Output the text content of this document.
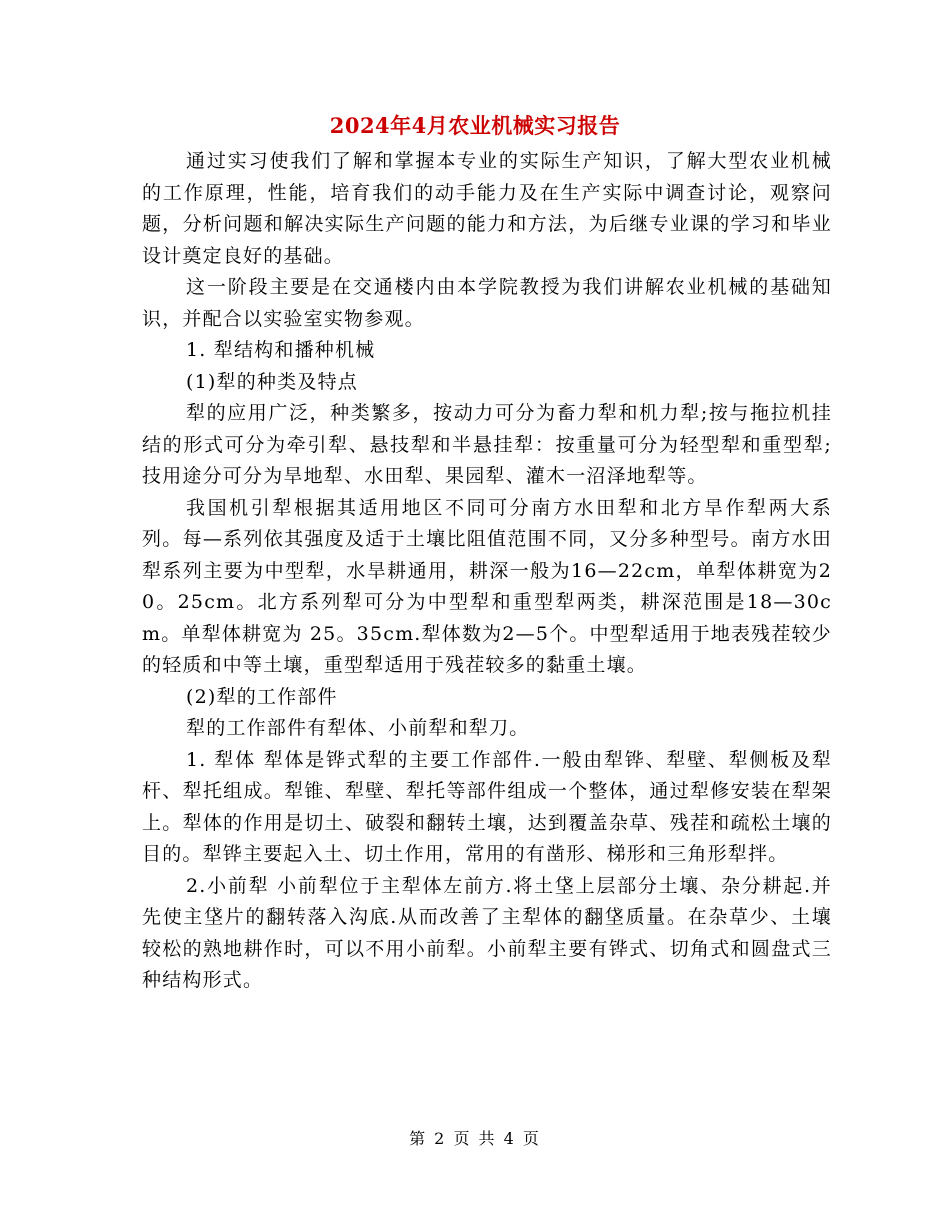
2024年4月农业机械实习报告

通过实习使我们了解和掌握本专业的实际生产知识，了解大型农业机械的工作原理，性能，培育我们的动手能力及在生产实际中调查讨论，观察问题，分析问题和解决实际生产问题的能力和方法，为后继专业课的学习和毕业设计奠定良好的基础。

这一阶段主要是在交通楼内由本学院教授为我们讲解农业机械的基础知识，并配合以实验室实物参观。

1. 犁结构和播种机械

(1)犁的种类及特点

犁的应用广泛，种类繁多，按动力可分为畜力犁和机力犁;按与拖拉机挂结的形式可分为牵引犁、悬技犁和半悬挂犁：按重量可分为轻型犁和重型犁;技用途分可分为旱地犁、水田犁、果园犁、灌木一沼泽地犁等。

我国机引犁根据其适用地区不同可分南方水田犁和北方旱作犁两大系列。每—系列依其强度及适于土壤比阻值范围不同，又分多种型号。南方水田犁系列主要为中型犁，水旱耕通用，耕深一般为16—22cm，单犁体耕宽为20。25cm。北方系列犁可分为中型犁和重型犁两类，耕深范围是18—30cm。单犁体耕宽为 25。35cm.犁体数为2—5个。中型犁适用于地表残茬较少的轻质和中等土壤，重型犁适用于残茬较多的黏重土壤。

(2)犁的工作部件

犁的工作部件有犁体、小前犁和犁刀。

1. 犁体 犁体是铧式犁的主要工作部件.一般由犁铧、犁壁、犁侧板及犁杆、犁托组成。犁锥、犁壁、犁托等部件组成一个整体，通过犁修安装在犁架上。犁体的作用是切土、破裂和翻转土壤，达到覆盖杂草、残茬和疏松土壤的目的。犁铧主要起入土、切土作用，常用的有凿形、梯形和三角形犁拌。

2.小前犁 小前犁位于主犁体左前方.将土垡上层部分土壤、杂分耕起.并先使主垡片的翻转落入沟底.从而改善了主犁体的翻垡质量。在杂草少、土壤较松的熟地耕作时，可以不用小前犁。小前犁主要有铧式、切角式和圆盘式三种结构形式。

第 2 页 共 4 页
